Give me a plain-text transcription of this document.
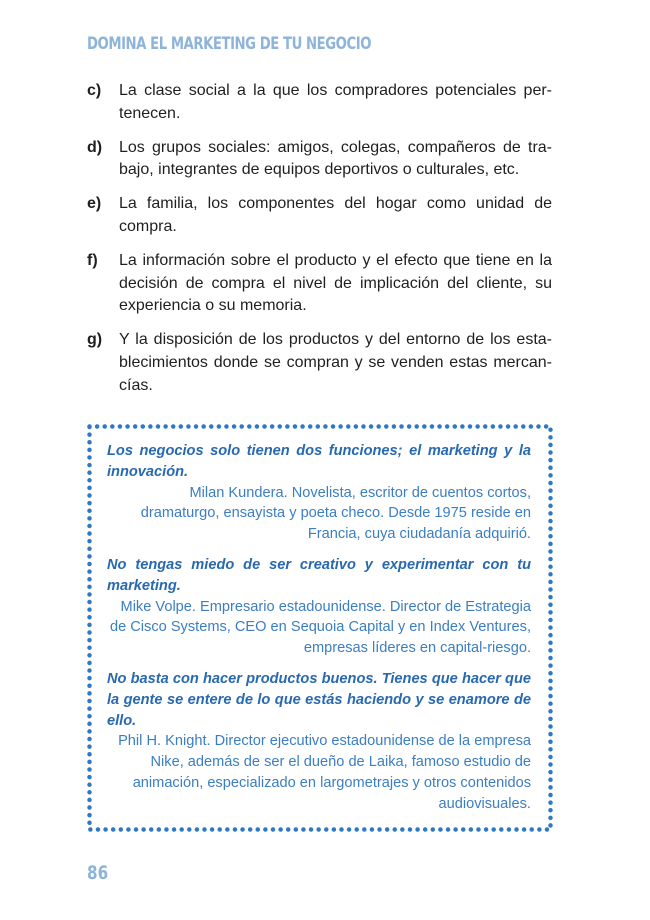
DOMINA EL MARKETING DE TU NEGOCIO
c) La clase social a la que los compradores potenciales pertenecen.
d) Los grupos sociales: amigos, colegas, compañeros de trabajo, integrantes de equipos deportivos o culturales, etc.
e) La familia, los componentes del hogar como unidad de compra.
f) La información sobre el producto y el efecto que tiene en la decisión de compra el nivel de implicación del cliente, su experiencia o su memoria.
g) Y la disposición de los productos y del entorno de los establecimientos donde se compran y se venden estas mercancías.
Los negocios solo tienen dos funciones; el marketing y la innovación.
Milan Kundera. Novelista, escritor de cuentos cortos, dramaturgo, ensayista y poeta checo. Desde 1975 reside en Francia, cuya ciudadanía adquirió.
No tengas miedo de ser creativo y experimentar con tu marketing.
Mike Volpe. Empresario estadounidense. Director de Estrategia de Cisco Systems, CEO en Sequoia Capital y en Index Ventures, empresas líderes en capital-riesgo.
No basta con hacer productos buenos. Tienes que hacer que la gente se entere de lo que estás haciendo y se enamore de ello.
Phil H. Knight. Director ejecutivo estadounidense de la empresa Nike, además de ser el dueño de Laika, famoso estudio de animación, especializado en largometrajes y otros contenidos audiovisuales.
86
